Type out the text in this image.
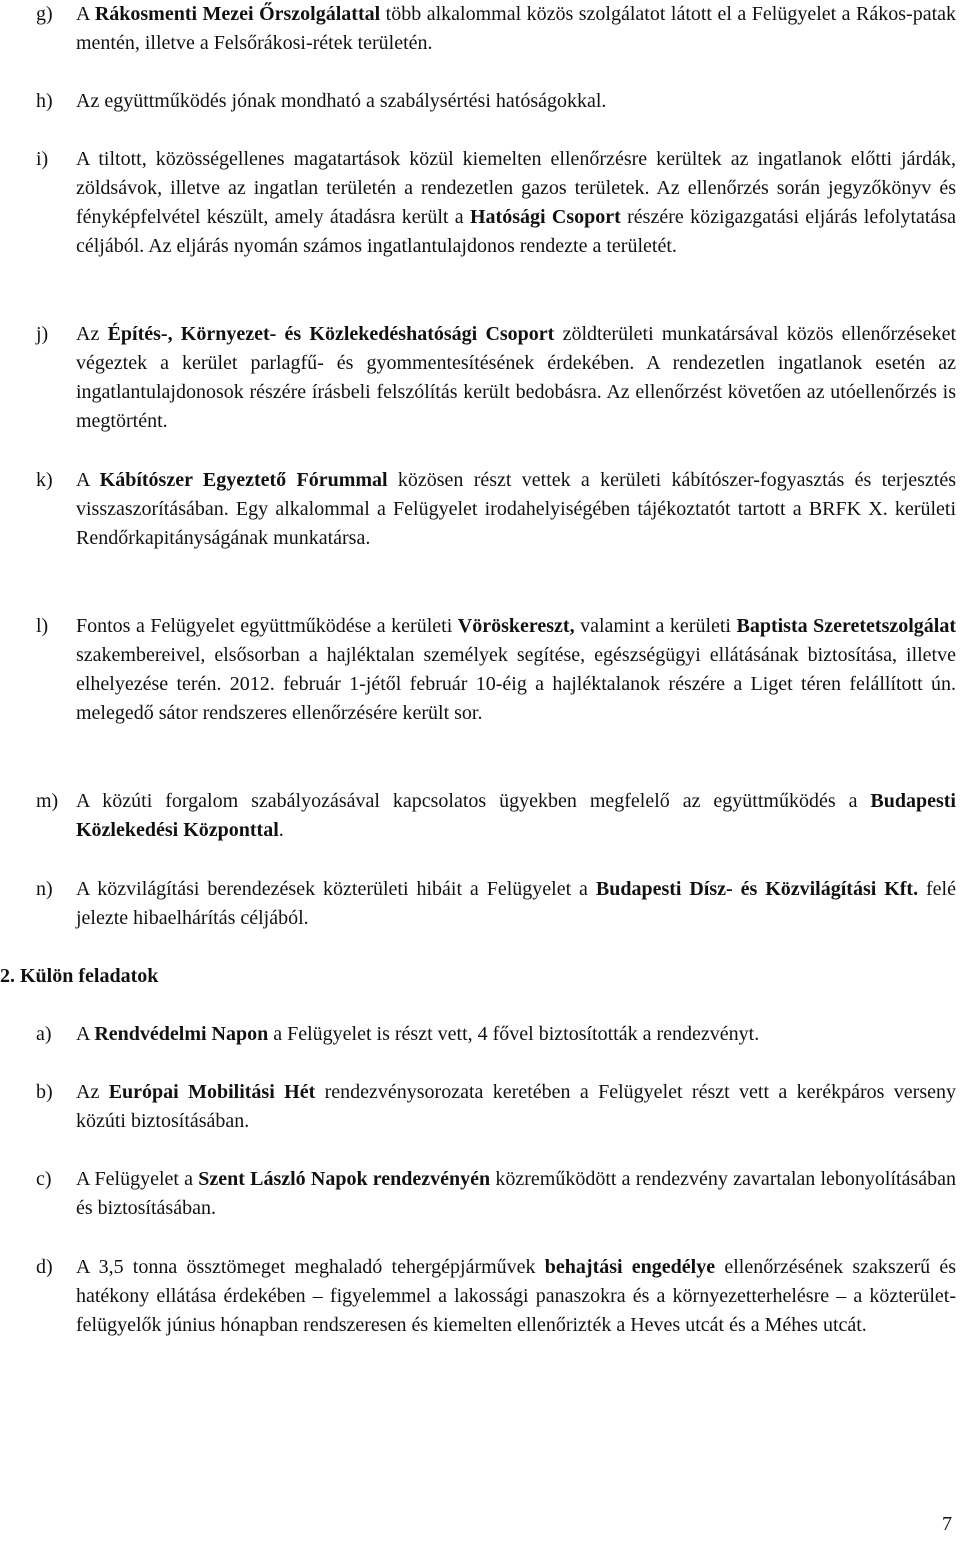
g)	A Rákosmenti Mezei Őrszolgálattal több alkalommal közös szolgálatot látott el a Felügyelet a Rákos-patak mentén, illetve a Felsőrákosi-rétek területén.
h)	Az együttműködés jónak mondható a szabálysértési hatóságokkal.
i)	A tiltott, közösségellenes magatartások közül kiemelten ellenőrzésre kerültek az ingatlanok előtti járdák, zöldsávok, illetve az ingatlan területén a rendezetlen gazos területek. Az ellenőrzés során jegyzőkönyv és fényképfelvétel készült, amely átadásra került a Hatósági Csoport részére közigazgatási eljárás lefolytatása céljából. Az eljárás nyomán számos ingatlantulajdonos rendezte a területét.
j)	Az Építés-, Környezet- és Közlekedéshatósági Csoport zöldterületi munkatársával közös ellenőrzéseket végeztek a kerület parlagfű- és gyommentesítésének érdekében. A rendezetlen ingatlanok esetén az ingatlantulajdonosok részére írásbeli felszólítás került bedobásra. Az ellenőrzést követően az utóellenőrzés is megtörtént.
k)	A Kábítószer Egyeztető Fórummal közösen részt vettek a kerületi kábítószer-fogyasztás és terjesztés visszaszorításában. Egy alkalommal a Felügyelet irodahelyiségében tájékoztatót tartott a BRFK X. kerületi Rendőrkapitányságának munkatársa.
l)	Fontos a Felügyelet együttműködése a kerületi Vöröskereszt, valamint a kerületi Baptista Szeretetszolgálat szakembereivel, elsősorban a hajléktalan személyek segítése, egészségügyi ellátásának biztosítása, illetve elhelyezése terén. 2012. február 1-jétől február 10-éig a hajléktalanok részére a Liget téren felállított ún. melegedő sátor rendszeres ellenőrzésére került sor.
m) A közúti forgalom szabályozásával kapcsolatos ügyekben megfelelő az együttműködés a Budapesti Közlekedési Központtal.
n)	A közvilágítási berendezések közterületi hibáit a Felügyelet a Budapesti Dísz- és Közvilágítási Kft. felé jelezte hibaelhárítás céljából.
2. Külön feladatok
a)	A Rendvédelmi Napon a Felügyelet is részt vett, 4 fővel biztosították a rendezvényt.
b)	Az Európai Mobilitási Hét rendezvénysorozata keretében a Felügyelet részt vett a kerékpáros verseny közúti biztosításában.
c)	A Felügyelet a Szent László Napok rendezvényén közreműködött a rendezvény zavartalan lebonyolításában és biztosításában.
d)	A 3,5 tonna össztömeget meghaladó tehergépjárművek behajtási engedélye ellenőrzésének szakszerű és hatékony ellátása érdekében – figyelemmel a lakossági panaszokra és a környezetterhelésre – a közterület-felügyelők június hónapban rendszeresen és kiemelten ellenőrizték a Heves utcát és a Méhes utcát.
7
